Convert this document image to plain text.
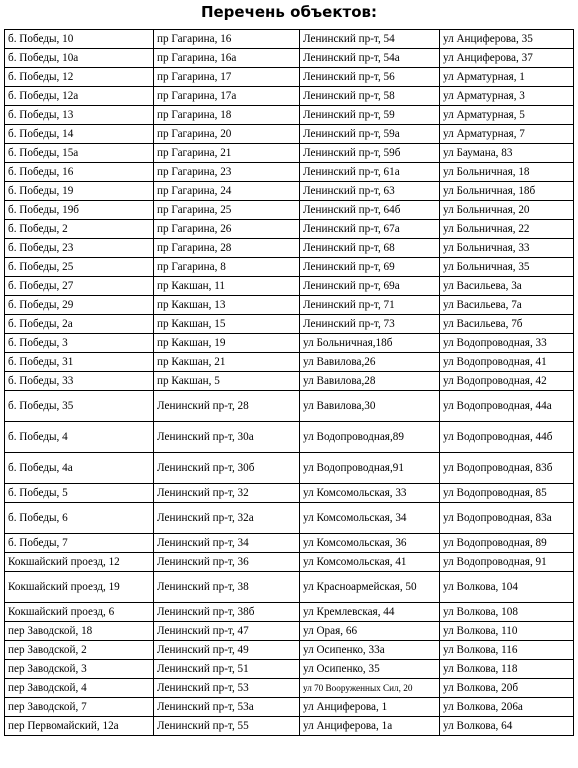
Перечень объектов:
б. Победы, 10	пр Гагарина, 16	Ленинский пр-т, 54	ул Анциферова, 35
б. Победы, 10а	пр Гагарина, 16а	Ленинский пр-т, 54а	ул Анциферова, 37
б. Победы, 12	пр Гагарина, 17	Ленинский пр-т, 56	ул Арматурная, 1
б. Победы, 12а	пр Гагарина, 17а	Ленинский пр-т, 58	ул Арматурная, 3
б. Победы, 13	пр Гагарина, 18	Ленинский пр-т, 59	ул Арматурная, 5
б. Победы, 14	пр Гагарина, 20	Ленинский пр-т, 59а	ул Арматурная, 7
б. Победы, 15а	пр Гагарина, 21	Ленинский пр-т, 59б	ул Баумана, 83
б. Победы, 16	пр Гагарина, 23	Ленинский пр-т, 61а	ул Больничная, 18
б. Победы, 19	пр Гагарина, 24	Ленинский пр-т, 63	ул Больничная, 18б
б. Победы, 19б	пр Гагарина, 25	Ленинский пр-т, 64б	ул Больничная, 20
б. Победы, 2	пр Гагарина, 26	Ленинский пр-т, 67а	ул Больничная, 22
б. Победы, 23	пр Гагарина, 28	Ленинский пр-т, 68	ул Больничная, 33
б. Победы, 25	пр Гагарина, 8	Ленинский пр-т, 69	ул Больничная, 35
б. Победы, 27	пр Какшан, 11	Ленинский пр-т, 69а	ул Васильева, 3а
б. Победы, 29	пр Какшан, 13	Ленинский пр-т, 71	ул Васильева, 7а
б. Победы, 2а	пр Какшан, 15	Ленинский пр-т, 73	ул Васильева, 7б
б. Победы, 3	пр Какшан, 19	ул Больничная,18б	ул Водопроводная, 33
б. Победы, 31	пр Какшан, 21	ул Вавилова,26	ул Водопроводная, 41
б. Победы, 33	пр Какшан, 5	ул Вавилова,28	ул Водопроводная, 42
б. Победы, 35	Ленинский пр-т, 28	ул Вавилова,30	ул Водопроводная, 44а
б. Победы, 4	Ленинский пр-т, 30а	ул Водопроводная,89	ул Водопроводная, 44б
б. Победы, 4а	Ленинский пр-т, 30б	ул Водопроводная,91	ул Водопроводная, 83б
б. Победы, 5	Ленинский пр-т, 32	ул Комсомольская, 33	ул Водопроводная, 85
б. Победы, 6	Ленинский пр-т, 32а	ул Комсомольская, 34	ул Водопроводная, 83а
б. Победы, 7	Ленинский пр-т, 34	ул Комсомольская, 36	ул Водопроводная, 89
Кокшайский проезд, 12	Ленинский пр-т, 36	ул Комсомольская, 41	ул Водопроводная, 91
Кокшайский проезд, 19	Ленинский пр-т, 38	ул Красноармейская, 50	ул Волкова, 104
Кокшайский проезд, 6	Ленинский пр-т, 38б	ул Кремлевская, 44	ул Волкова, 108
пер Заводской, 18	Ленинский пр-т, 47	ул Орая, 66	ул Волкова, 110
пер Заводской, 2	Ленинский пр-т, 49	ул Осипенко, 33а	ул Волкова, 116
пер Заводской, 3	Ленинский пр-т, 51	ул Осипенко, 35	ул Волкова, 118
пер Заводской, 4	Ленинский пр-т, 53	ул 70 Вооруженных Сил, 20	ул Волкова, 20б
пер Заводской, 7	Ленинский пр-т, 53а	ул Анциферова, 1	ул Волкова, 206а
пер Первомайский, 12а	Ленинский пр-т, 55	ул Анциферова, 1а	ул Волкова, 64
